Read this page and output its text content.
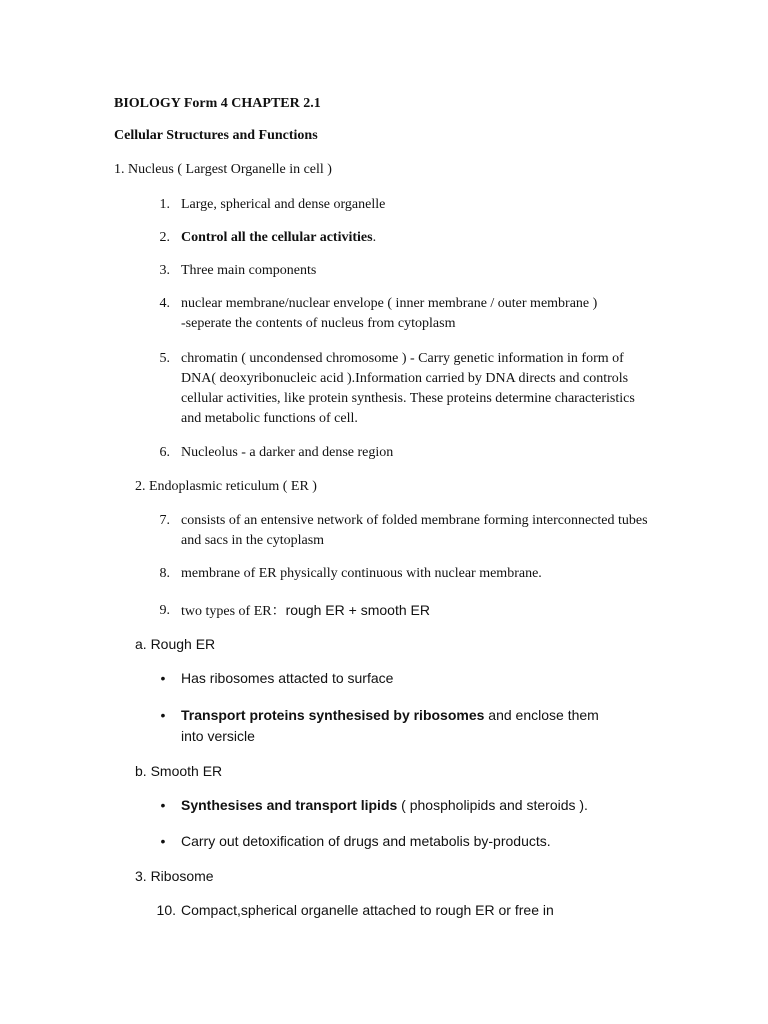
BIOLOGY Form 4 CHAPTER 2.1
Cellular Structures and Functions
1. Nucleus ( Largest Organelle in cell )
1. Large, spherical and dense organelle
2. Control all the cellular activities.
3. Three main components
4. nuclear membrane/nuclear envelope ( inner membrane / outer membrane )
-seperate the contents of nucleus from cytoplasm
5. chromatin ( uncondensed chromosome ) - Carry genetic information in form of DNA( deoxyribonucleic acid ).Information carried by DNA directs and controls cellular activities, like protein synthesis. These proteins determine characteristics and metabolic functions of cell.
6. Nucleolus - a darker and dense region
2. Endoplasmic reticulum ( ER )
7. consists of an entensive network of folded membrane forming interconnected tubes and sacs in the cytoplasm
8. membrane of ER physically continuous with nuclear membrane.
9. two types of ER：rough ER + smooth ER
a. Rough ER
• Has ribosomes attacted to surface
• Transport proteins synthesised by ribosomes and enclose them
into versicle
b. Smooth ER
• Synthesises and transport lipids ( phospholipids and steroids ).
• Carry out detoxification of drugs and metabolis by-products.
3. Ribosome
10. Compact,spherical organelle attached to rough ER or free in
